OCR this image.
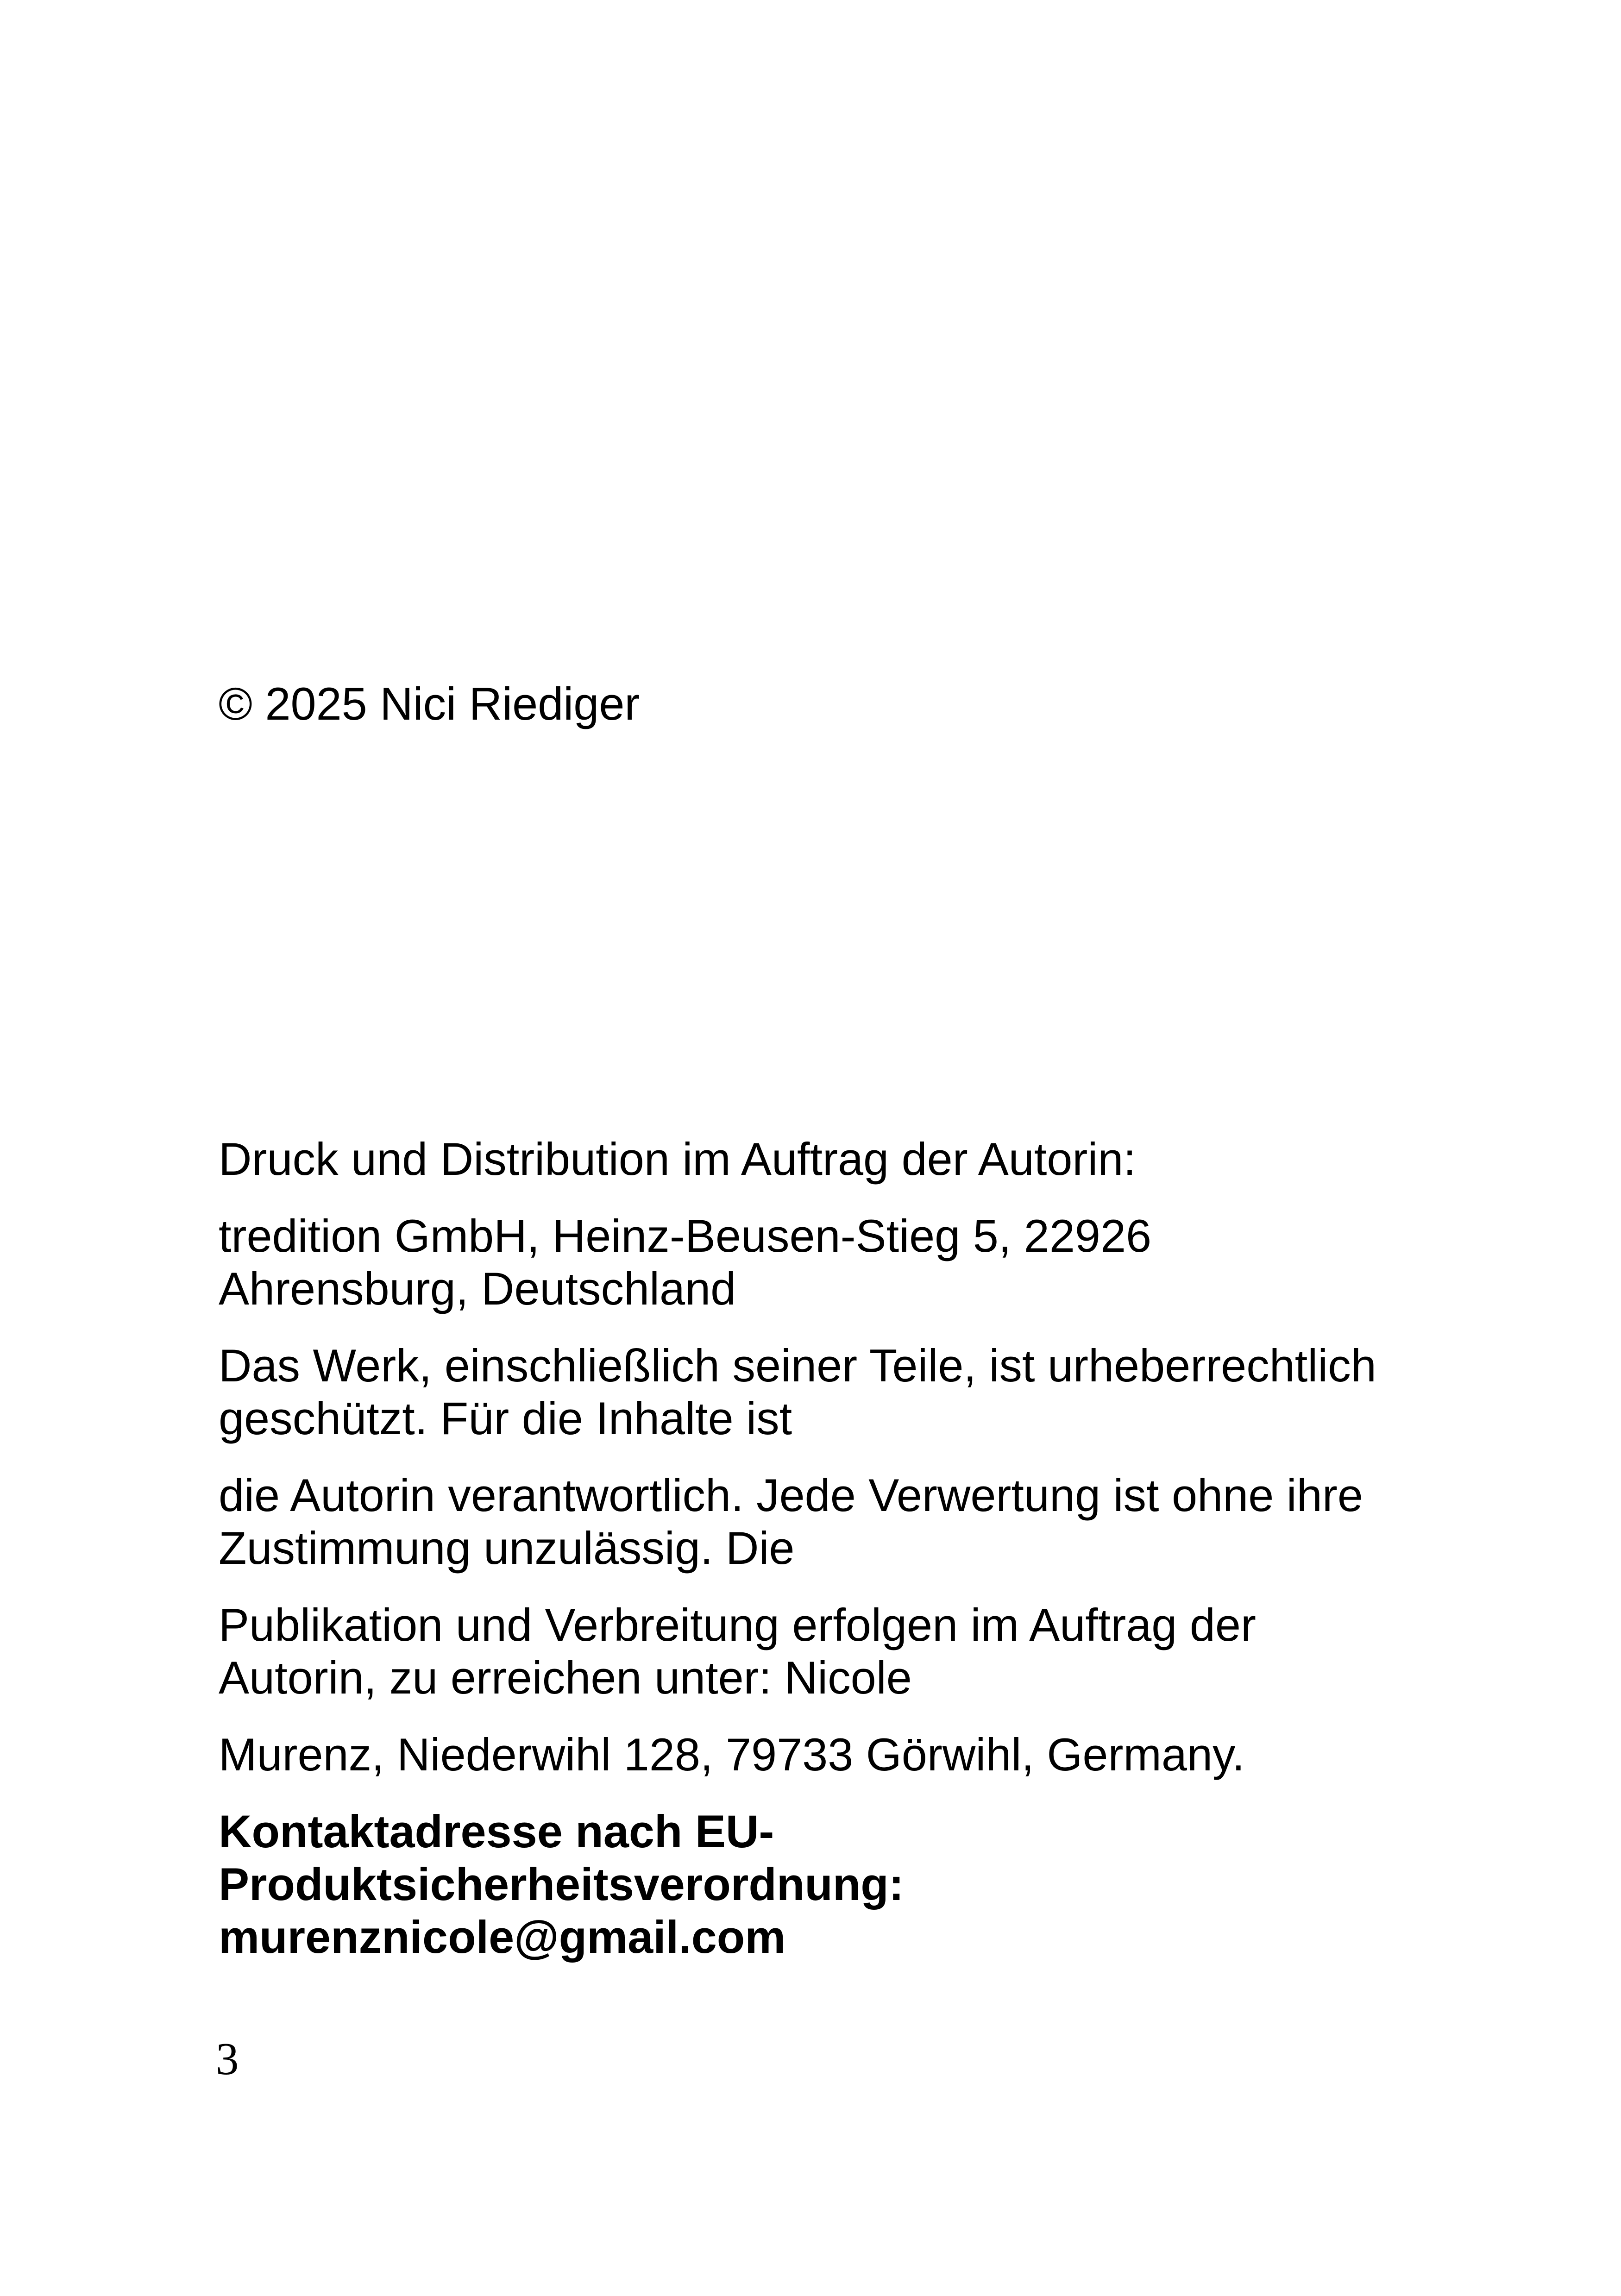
© 2025 Nici Riediger
Druck und Distribution im Auftrag der Autorin:
tredition GmbH, Heinz-Beusen-Stieg 5, 22926
Ahrensburg, Deutschland
Das Werk, einschließlich seiner Teile, ist urheberrechtlich
geschützt. Für die Inhalte ist
die Autorin verantwortlich. Jede Verwertung ist ohne ihre
Zustimmung unzulässig. Die
Publikation und Verbreitung erfolgen im Auftrag der
Autorin, zu erreichen unter: Nicole
Murenz, Niederwihl 128, 79733 Görwihl, Germany.
Kontaktadresse nach EU-
Produktsicherheitsverordnung:
murenznicole@gmail.com
3
